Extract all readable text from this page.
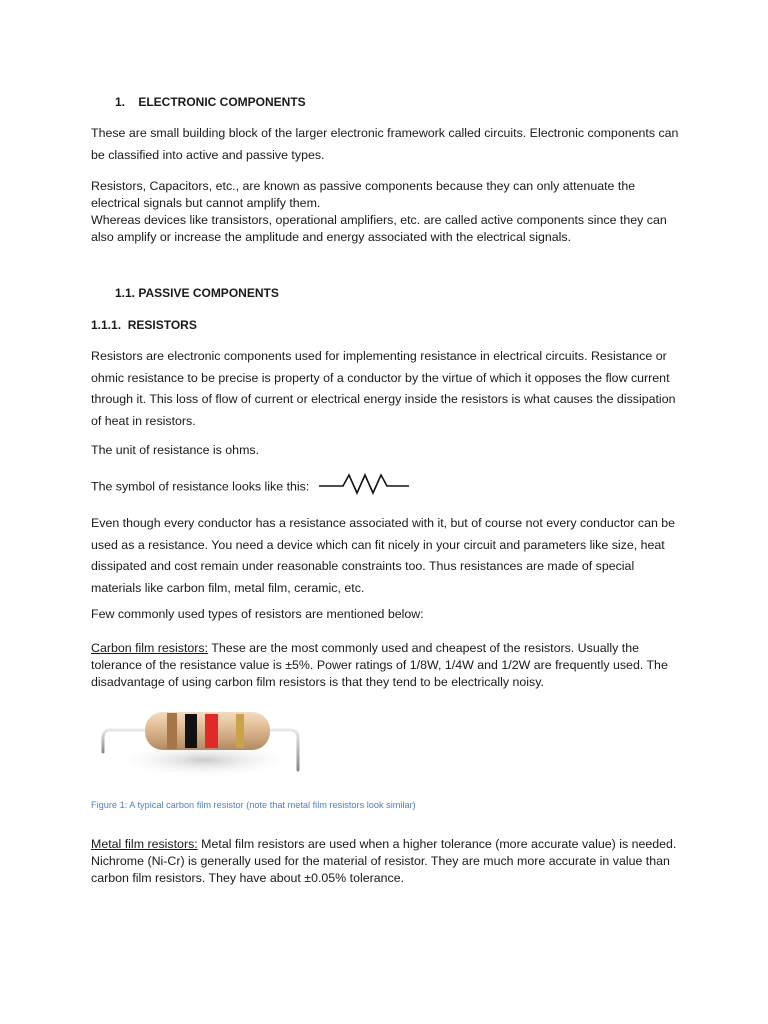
1.    ELECTRONIC COMPONENTS

These are small building block of the larger electronic framework called circuits. Electronic components can be classified into active and passive types.

Resistors, Capacitors, etc., are known as passive components because they can only attenuate the electrical signals but cannot amplify them.
Whereas devices like transistors, operational amplifiers, etc. are called active components since they can also amplify or increase the amplitude and energy associated with the electrical signals.

1.1. PASSIVE COMPONENTS

1.1.1.  RESISTORS

Resistors are electronic components used for implementing resistance in electrical circuits. Resistance or ohmic resistance to be precise is property of a conductor by the virtue of which it opposes the flow current through it. This loss of flow of current or electrical energy inside the resistors is what causes the dissipation of heat in resistors.

The unit of resistance is ohms.

The symbol of resistance looks like this:

Even though every conductor has a resistance associated with it, but of course not every conductor can be used as a resistance. You need a device which can fit nicely in your circuit and parameters like size, heat dissipated and cost remain under reasonable constraints too. Thus resistances are made of special materials like carbon film, metal film, ceramic, etc.

Few commonly used types of resistors are mentioned below:

Carbon film resistors: These are the most commonly used and cheapest of the resistors. Usually the tolerance of the resistance value is ±5%. Power ratings of 1/8W, 1/4W and 1/2W are frequently used. The disadvantage of using carbon film resistors is that they tend to be electrically noisy.

Figure 1: A typical carbon film resistor (note that metal film resistors look similar)

Metal film resistors: Metal film resistors are used when a higher tolerance (more accurate value) is needed. Nichrome (Ni-Cr) is generally used for the material of resistor. They are much more accurate in value than carbon film resistors. They have about ±0.05% tolerance.
